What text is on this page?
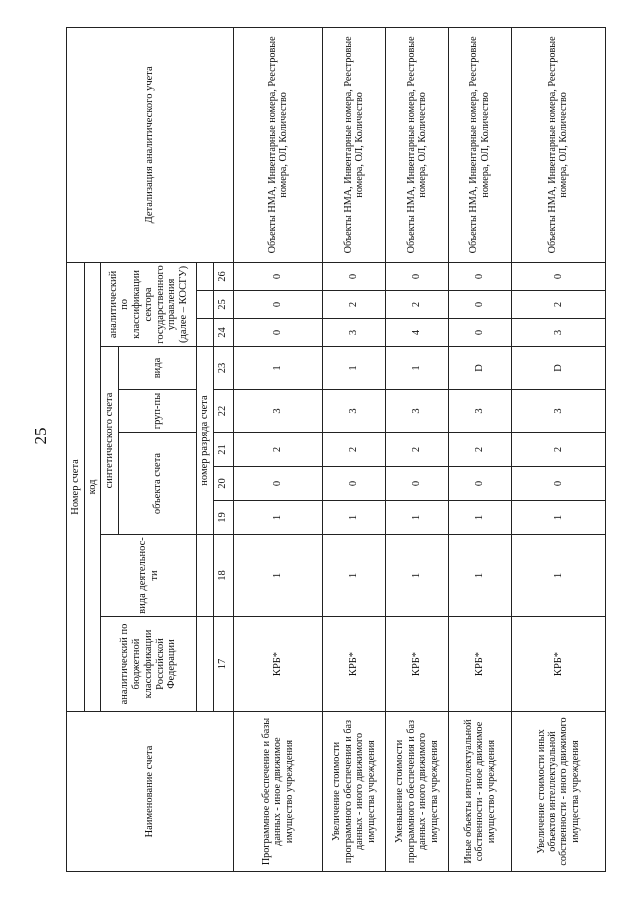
25
Наименование счета	Номер счета										Детализация аналитического учета
	код										
	аналитический по бюджетной классификации Российской Федерации	вида деятельнос-ти	синтетического счета					аналитический по классификации сектора государственного управления (далее – КОСГУ)			
			объекта счета			груп-пы	вида				
			номер разряда счета								
	17	18	19	20	21	22	23	24	25	26	
Программное обеспечение и базы данных - иное движимое имущество учреждения	КРБ*	1	1	0	2	3	1	0	0	0	Объекты НМА, Инвентарные номера, Реестровые номера, ОЛ, Количество
Увеличение стоимости программного обеспечения и баз данных - иного движимого имущества учреждения	КРБ*	1	1	0	2	3	1	3	2	0	Объекты НМА, Инвентарные номера, Реестровые номера, ОЛ, Количество
Уменьшение стоимости программного обеспечения и баз данных - иного движимого имущества учреждения	КРБ*	1	1	0	2	3	1	4	2	0	Объекты НМА, Инвентарные номера, Реестровые номера, ОЛ, Количество
Иные объекты интеллектуальной собственности - иное движимое имущество учреждения	КРБ*	1	1	0	2	3	D	0	0	0	Объекты НМА, Инвентарные номера, Реестровые номера, ОЛ, Количество
Увеличение стоимости иных объектов интеллектуальной собственности - иного движимого имущества учреждения	КРБ*	1	1	0	2	3	D	3	2	0	Объекты НМА, Инвентарные номера, Реестровые номера, ОЛ, Количество
